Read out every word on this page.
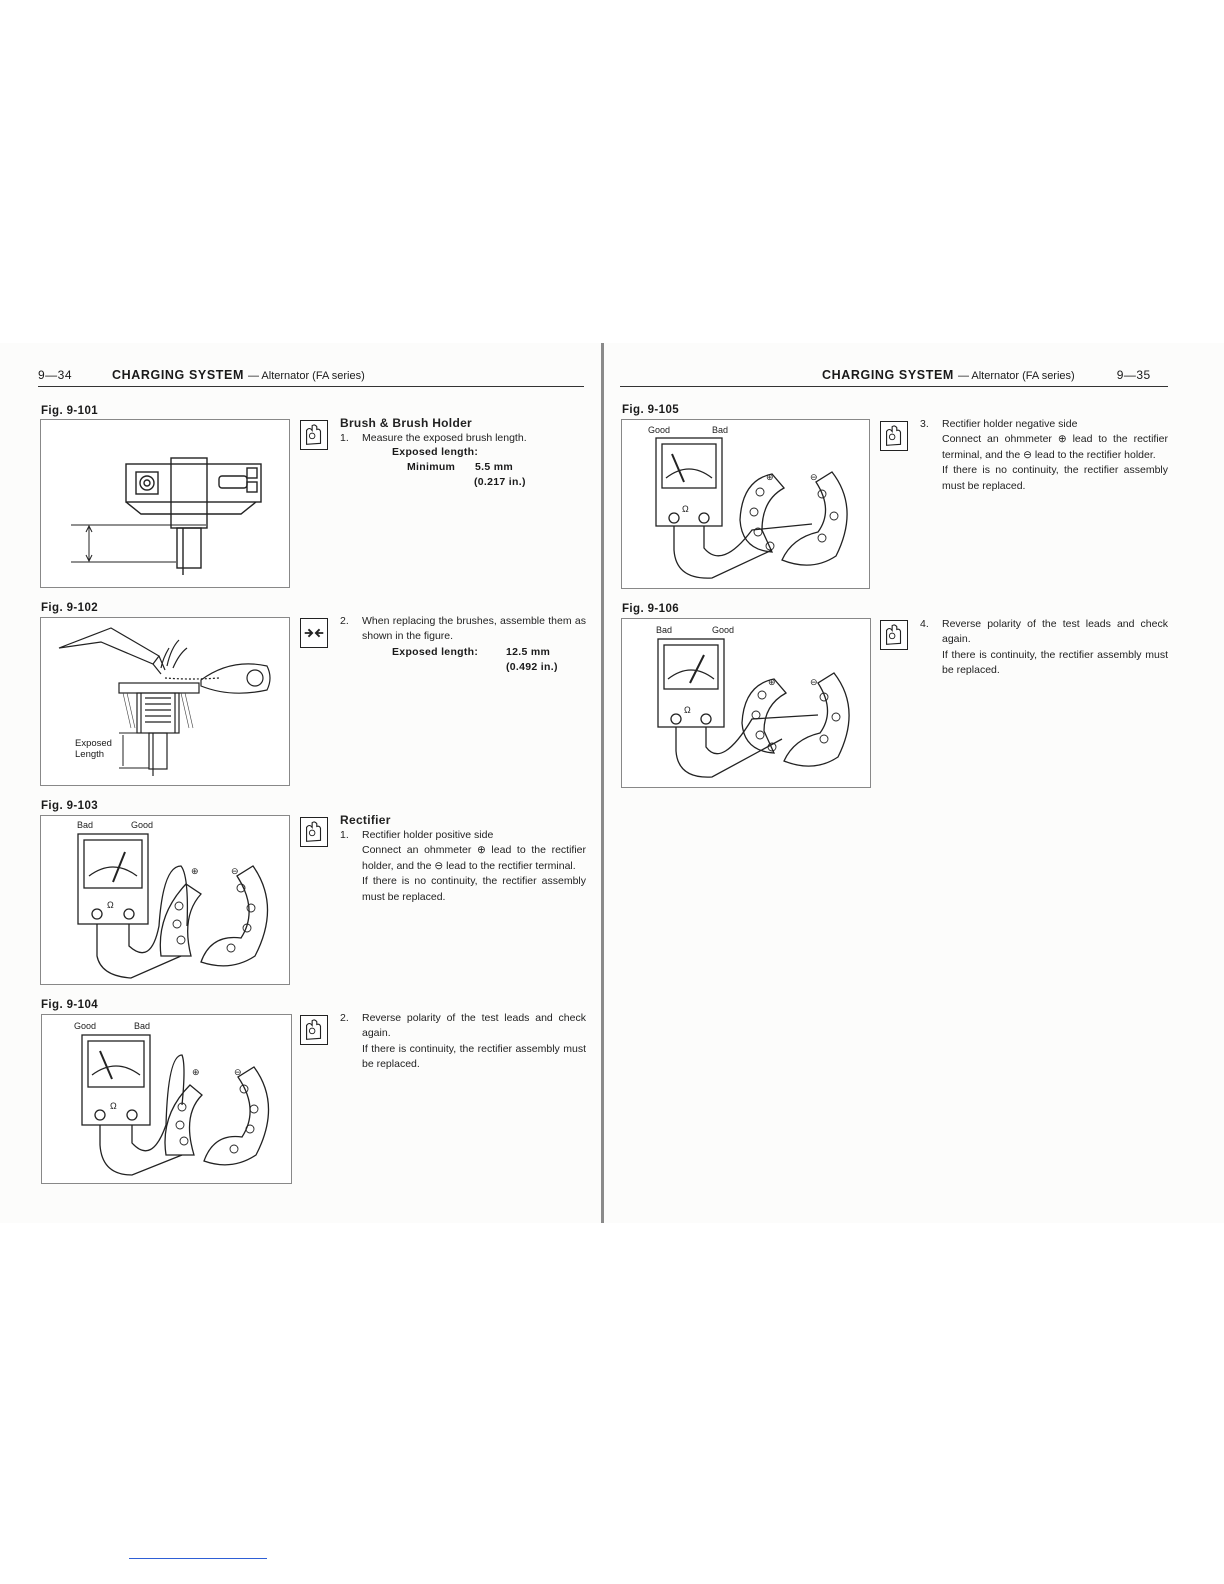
9—34	CHARGING SYSTEM — Alternator (FA series)	CHARGING SYSTEM — Alternator (FA series)	9—35
Fig. 9-101
Brush & Brush Holder
1. Measure the exposed brush length.
Exposed length:
Minimum 5.5 mm
(0.217 in.)
Fig. 9-102
Exposed
Length
2. When replacing the brushes, assemble them as shown in the figure.
Exposed length:	12.5 mm
(0.492 in.)
Fig. 9-103
Bad	Good
⊕	⊖
Ω
Rectifier
1. Rectifier holder positive side
Connect an ohmmeter ⊕ lead to the rectifier holder, and the ⊖ lead to the rectifier terminal.
If there is no continuity, the rectifier assembly must be replaced.
Fig. 9-104
Good	Bad
⊕	⊖
Ω
2. Reverse polarity of the test leads and check again.
If there is continuity, the rectifier assembly must be replaced.
Fig. 9-105
Good	Bad
⊕	⊖
Ω
3. Rectifier holder negative side
Connect an ohmmeter ⊕ lead to the rectifier terminal, and the ⊖ lead to the rectifier holder.
If there is no continuity, the rectifier assembly must be replaced.
Fig. 9-106
Bad	Good
⊕	⊖
Ω
4. Reverse polarity of the test leads and check again.
If there is continuity, the rectifier assembly must be replaced.
